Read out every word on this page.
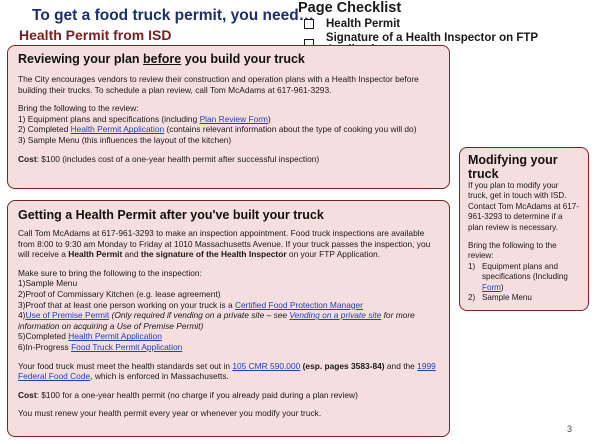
To get a food truck permit, you need…
Health Permit from ISD
Page Checklist
Health Permit
Signature of a Health Inspector on FTP
Reviewing your plan before you build your truck

The City encourages vendors to review their construction and operation plans with a Health Inspector before building their trucks. To schedule a plan review, call Tom McAdams at 617-961-3293.

Bring the following to the review:

1) Equipment plans and specifications (including Plan Review Form)

2) Completed Health Permit Application (contains relevant information about the type of cooking you will do)

3) Sample Menu (this influences the layout of the kitchen)

Cost: $100 (includes cost of a one-year health permit after successful inspection)

Getting a Health Permit after you've built your truck

Call Tom McAdams at 617-961-3293 to make an inspection appointment. Food truck inspections are available from 8:00 to 9:30 am Monday to Friday at 1010 Massachusetts Avenue. If your truck passes the inspection, you will receive a Health Permit and the signature of the Health Inspector on your FTP Application.

Make sure to bring the following to the inspection:

1)Sample Menu

2)Proof of Commissary Kitchen (e.g. lease agreement)

3)Proof that at least one person working on your truck is a Certified Food Protection Manager

4)Use of Premise Permit (Only required if vending on a private site – see Vending on a private site for more information on acquiring a Use of Premise Permit)

5)Completed Health Permit Application

6)In-Progress Food Truck Permit Application

Your food truck must meet the health standards set out in 105 CMR 590.000 (esp. pages 3583-84) and the 1999 Federal Food Code, which is enforced in Massachusetts.

Cost: $100 for a one-year health permit (no charge if you already paid during a plan review)

You must renew your health permit every year or whenever you modify your truck.

Modifying your truck

If you plan to modify your truck, get in touch with ISD. Contact Tom McAdams at 617-961-3293 to determine if a plan review is necessary.

Bring the following to the review:

1) Equipment plans and specifications (Including Form)
2) Sample Menu
3
